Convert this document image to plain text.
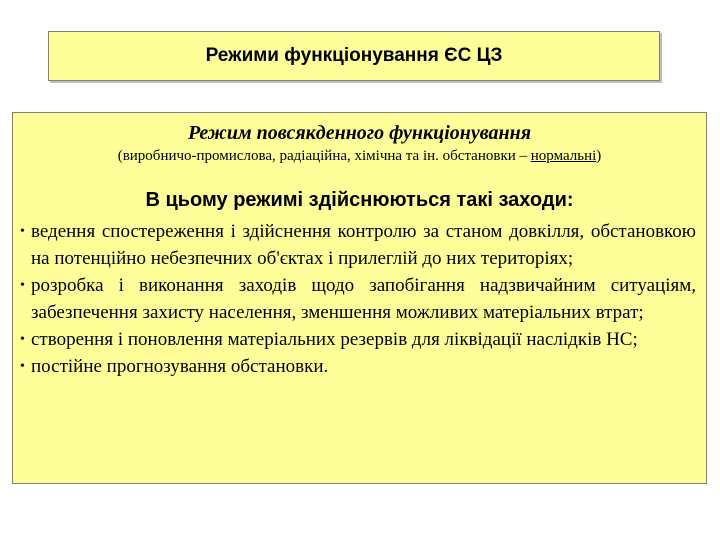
Режими функціонування ЄС ЦЗ
Режим повсякденного функціонування
(виробничо-промислова, радіаційна, хімічна та ін. обстановки – нормальні)
В цьому режимі здійснюються такі заходи:
• ведення спостереження і здійснення контролю за станом довкілля, обстановкою на потенційно небезпечних об'єктах і прилеглій до них територіях;
• розробка і виконання заходів щодо запобігання надзвичайним ситуаціям, забезпечення захисту населення, зменшення можливих матеріальних втрат;
• створення і поновлення матеріальних резервів для ліквідації наслідків НС;
• постійне прогнозування обстановки.
